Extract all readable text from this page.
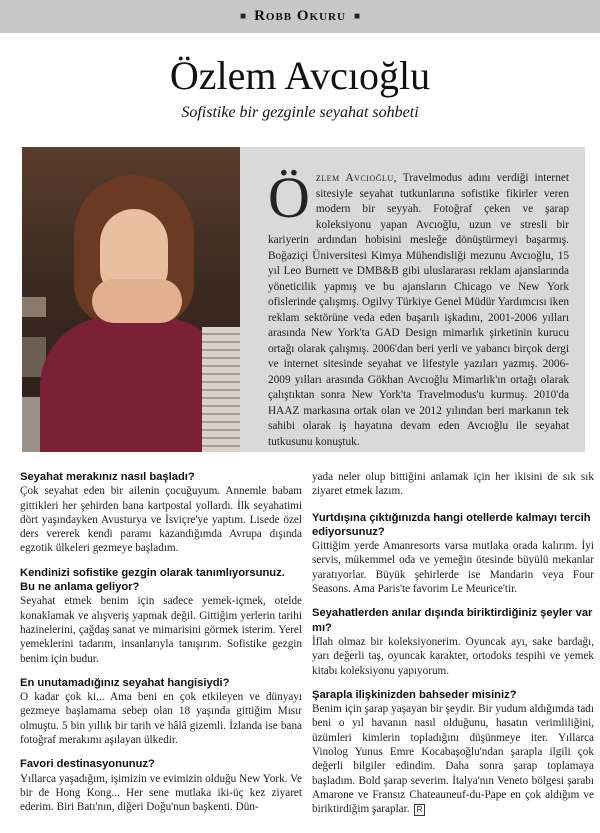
■ Robb Okuru ■
Özlem Avcıoğlu
Sofistike bir gezginle seyahat sohbeti
Özlem Avcıoğlu, Travelmodus adını verdiği internet sitesiyle seyahat tutkunlarına sofistike fikirler veren modern bir seyyah. Fotoğraf çeken ve şarap koleksiyonu yapan Avcıoğlu, uzun ve stresli bir kariyerin ardından hobisini mesleğe dönüştürmeyi başarmış. Boğaziçi Üniversitesi Kimya Mühendisliği mezunu Avcıoğlu, 15 yıl Leo Burnett ve DMB&B gibi uluslararası reklam ajanslarında yöneticilik yapmış ve bu ajansların Chicago ve New York ofislerinde çalışmış. Ogilvy Türkiye Genel Müdür Yardımcısı iken reklam sektörüne veda eden başarılı işkadını, 2001-2006 yılları arasında New York'ta GAD Design mimarlık şirketinin kurucu ortağı olarak çalışmış. 2006'dan beri yerli ve yabancı birçok dergi ve internet sitesinde seyahat ve lifestyle yazıları yazmış. 2006-2009 yılları arasında Gökhan Avcıoğlu Mimarlık'ın ortağı olarak çalıştıktan sonra New York'ta Travelmodus'u kurmuş. 2010'da HAAZ markasına ortak olan ve 2012 yılından beri markanın tek sahibi olarak iş hayatına devam eden Avcıoğlu ile seyahat tutkusunu konuştuk.
Seyahat merakınız nasıl başladı?
Çok seyahat eden bir ailenin çocuğuyum. Annemle babam gittikleri her şehirden bana kartpostal yollardı. İlk seyahatimi dört yaşındayken Avusturya ve İsviçre'ye yaptım. Lisede özel ders vererek kendi paramı kazandığımda Avrupa dışında egzotik ülkeleri gezmeye başladım.
Kendinizi sofistike gezgin olarak tanımlıyorsunuz. Bu ne anlama geliyor?
Seyahat etmek benim için sadece yemek-içmek, otelde konaklamak ve alışveriş yapmak değil. Gittiğim yerlerin tarihi hazinelerini, çağdaş sanat ve mimarisini görmek isterim. Yerel yemeklerini tadarım, insanlarıyla tanışırım. Sofistike gezgin benim için budur.
En unutamadığınız seyahat hangisiydi?
O kadar çok ki... Ama beni en çok etkileyen ve dünyayı gezmeye başlamama sebep olan 18 yaşında gittiğim Mısır olmuştu. 5 bin yıllık bir tarih ve hâlâ gizemli. İzlanda ise bana fotoğraf merakımı aşılayan ülkedir.
Favori destinasyonunuz?
Yıllarca yaşadığım, işimizin ve evimizin olduğu New York. Ve bir de Hong Kong... Her sene mutlaka iki-üç kez ziyaret ederim. Biri Batı'nın, diğeri Doğu'nun başkenti. Dün-
yada neler olup bittiğini anlamak için her ikisini de sık sık ziyaret etmek lazım.
Yurtdışına çıktığınızda hangi otellerde kalmayı tercih ediyorsunuz?
Gittiğim yerde Amanresorts varsa mutlaka orada kalırım. İyi servis, mükemmel oda ve yemeğin ötesinde büyülü mekanlar yaratıyorlar. Büyük şehirlerde ise Mandarin veya Four Seasons. Ama Paris'te favorim Le Meurice'tir.
Seyahatlerden anılar dışında biriktirdiğiniz şeyler var mı?
İflah olmaz bir koleksiyonerim. Oyuncak ayı, sake bardağı, yarı değerli taş, oyuncak karakter, ortodoks tespihi ve yemek kitabı koleksiyonu yapıyorum.
Şarapla ilişkinizden bahseder misiniz?
Benim için şarap yaşayan bir şeydir. Bir yudum aldığımda tadı beni o yıl havanın nasıl olduğunu, hasatın verimliliğini, üzümleri kimlerin topladığını düşünmeye iter. Yıllarca Vinolog Yunus Emre Kocabaşoğlu'ndan şarapla ilgili çok değerli bilgiler edindim. Daha sonra şarap toplamaya başladım. Bold şarap severim. İtalya'nın Veneto bölgesi şarabı Amarone ve Fransız Chateauneuf-du-Pape en çok aldığım ve biriktirdiğim şaraplar. R
